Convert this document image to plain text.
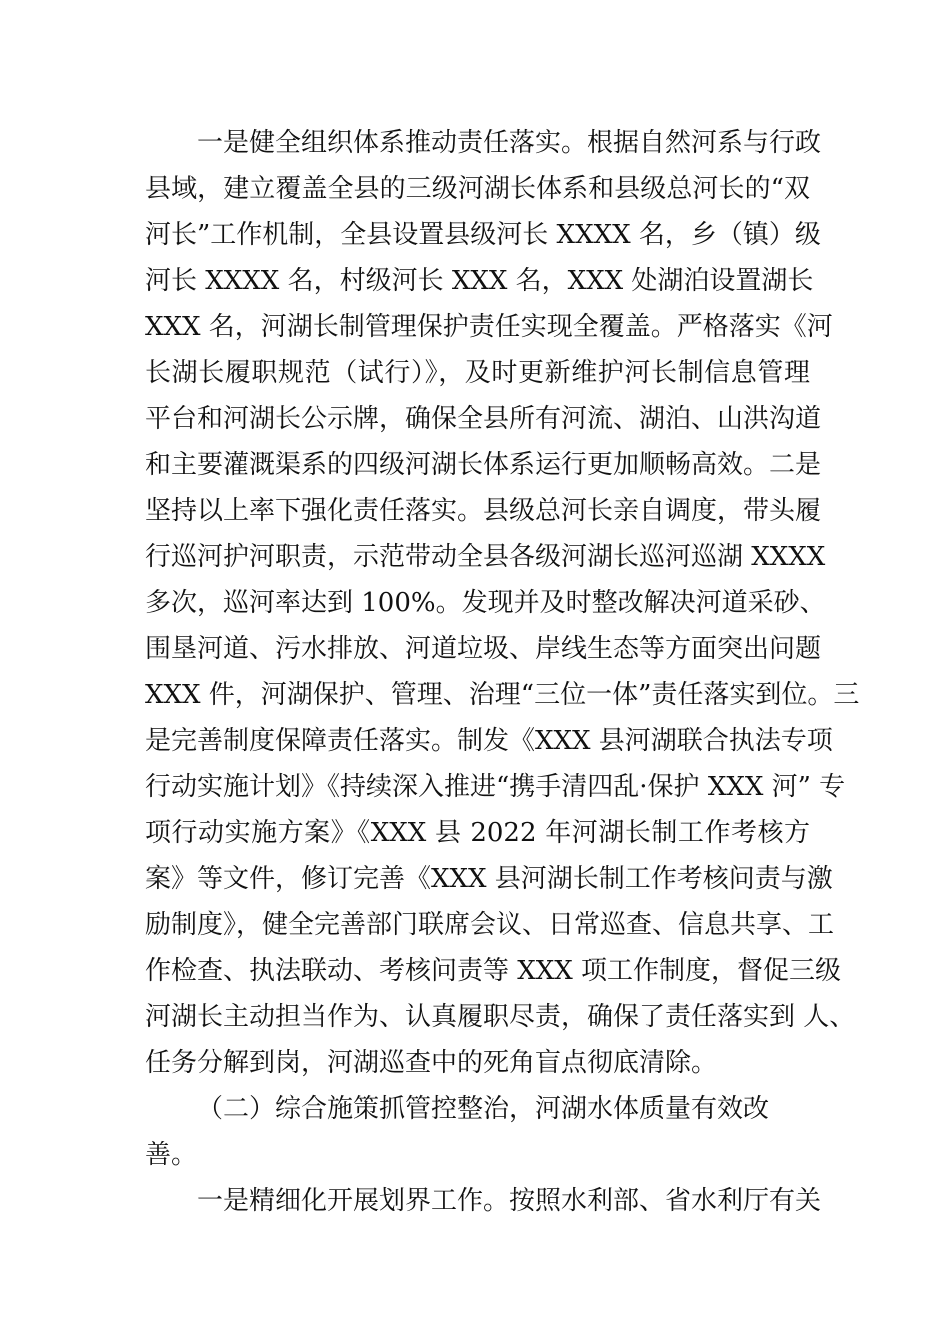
一是健全组织体系推动责任落实。根据自然河系与行政
县域，建立覆盖全县的三级河湖长体系和县级总河长的“双
河长”工作机制，全县设置县级河长 XXXX 名，乡（镇）级
河长 XXXX 名，村级河长 XXX 名，XXX 处湖泊设置湖长
XXX 名，河湖长制管理保护责任实现全覆盖。严格落实《河
长湖长履职规范（试行）》，及时更新维护河长制信息管理
平台和河湖长公示牌，确保全县所有河流、湖泊、山洪沟道
和主要灌溉渠系的四级河湖长体系运行更加顺畅高效。二是
坚持以上率下强化责任落实。县级总河长亲自调度，带头履
行巡河护河职责，示范带动全县各级河湖长巡河巡湖 XXXX
多次，巡河率达到 100%。发现并及时整改解决河道采砂、
围垦河道、污水排放、河道垃圾、岸线生态等方面突出问题
XXX 件，河湖保护、管理、治理“三位一体”责任落实到位。三
是完善制度保障责任落实。制发《XXX 县河湖联合执法专项
行动实施计划》《持续深入推进“携手清四乱·保护 XXX 河” 专
项行动实施方案》《XXX 县 2022 年河湖长制工作考核方
案》等文件，修订完善《XXX 县河湖长制工作考核问责与激
励制度》，健全完善部门联席会议、日常巡查、信息共享、工
作检查、执法联动、考核问责等 XXX 项工作制度，督促三级
河湖长主动担当作为、认真履职尽责，确保了责任落实到 人、
任务分解到岗，河湖巡查中的死角盲点彻底清除。
（二）综合施策抓管控整治，河湖水体质量有效改
善。
一是精细化开展划界工作。按照水利部、省水利厅有关
